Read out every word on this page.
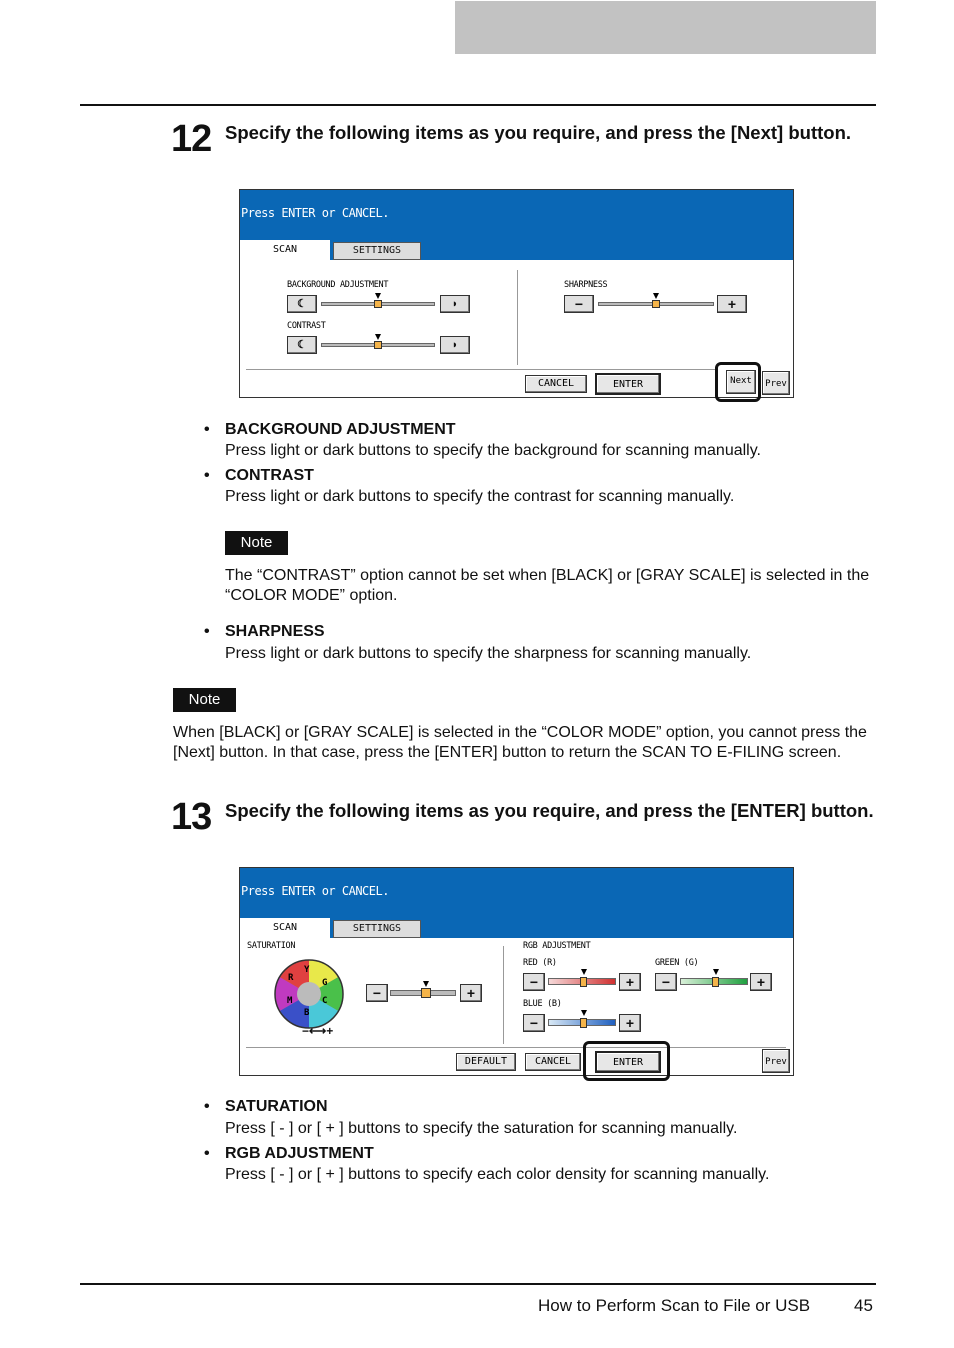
12 Specify the following items as you require, and press the [Next] button.
Press ENTER or CANCEL.
SCAN	SETTINGS
BACKGROUND ADJUSTMENT
☾	◗
CONTRAST
☾	◗
SHARPNESS
−	+
CANCEL	ENTER	Next	Prev
• BACKGROUND ADJUSTMENT
Press light or dark buttons to specify the background for scanning manually.
• CONTRAST
Press light or dark buttons to specify the contrast for scanning manually.
Note
The “CONTRAST” option cannot be set when [BLACK] or [GRAY SCALE] is selected in the “COLOR MODE” option.
• SHARPNESS
Press light or dark buttons to specify the sharpness for scanning manually.
Note
When [BLACK] or [GRAY SCALE] is selected in the “COLOR MODE” option, you cannot press the [Next] button. In that case, press the [ENTER] button to return the SCAN TO E-FILING screen.
13 Specify the following items as you require, and press the [ENTER] button.
Press ENTER or CANCEL.
SCAN	SETTINGS
SATURATION
R
Y
G
M	C
B
−⟷+
−	+
RGB ADJUSTMENT
RED (R)
−	+
GREEN (G)
−	+
BLUE (B)
−	+
DEFAULT	CANCEL	ENTER	Prev
• SATURATION
Press [ - ] or [ + ] buttons to specify the saturation for scanning manually.
• RGB ADJUSTMENT
Press [ - ] or [ + ] buttons to specify each color density for scanning manually.
How to Perform Scan to File or USB	45
